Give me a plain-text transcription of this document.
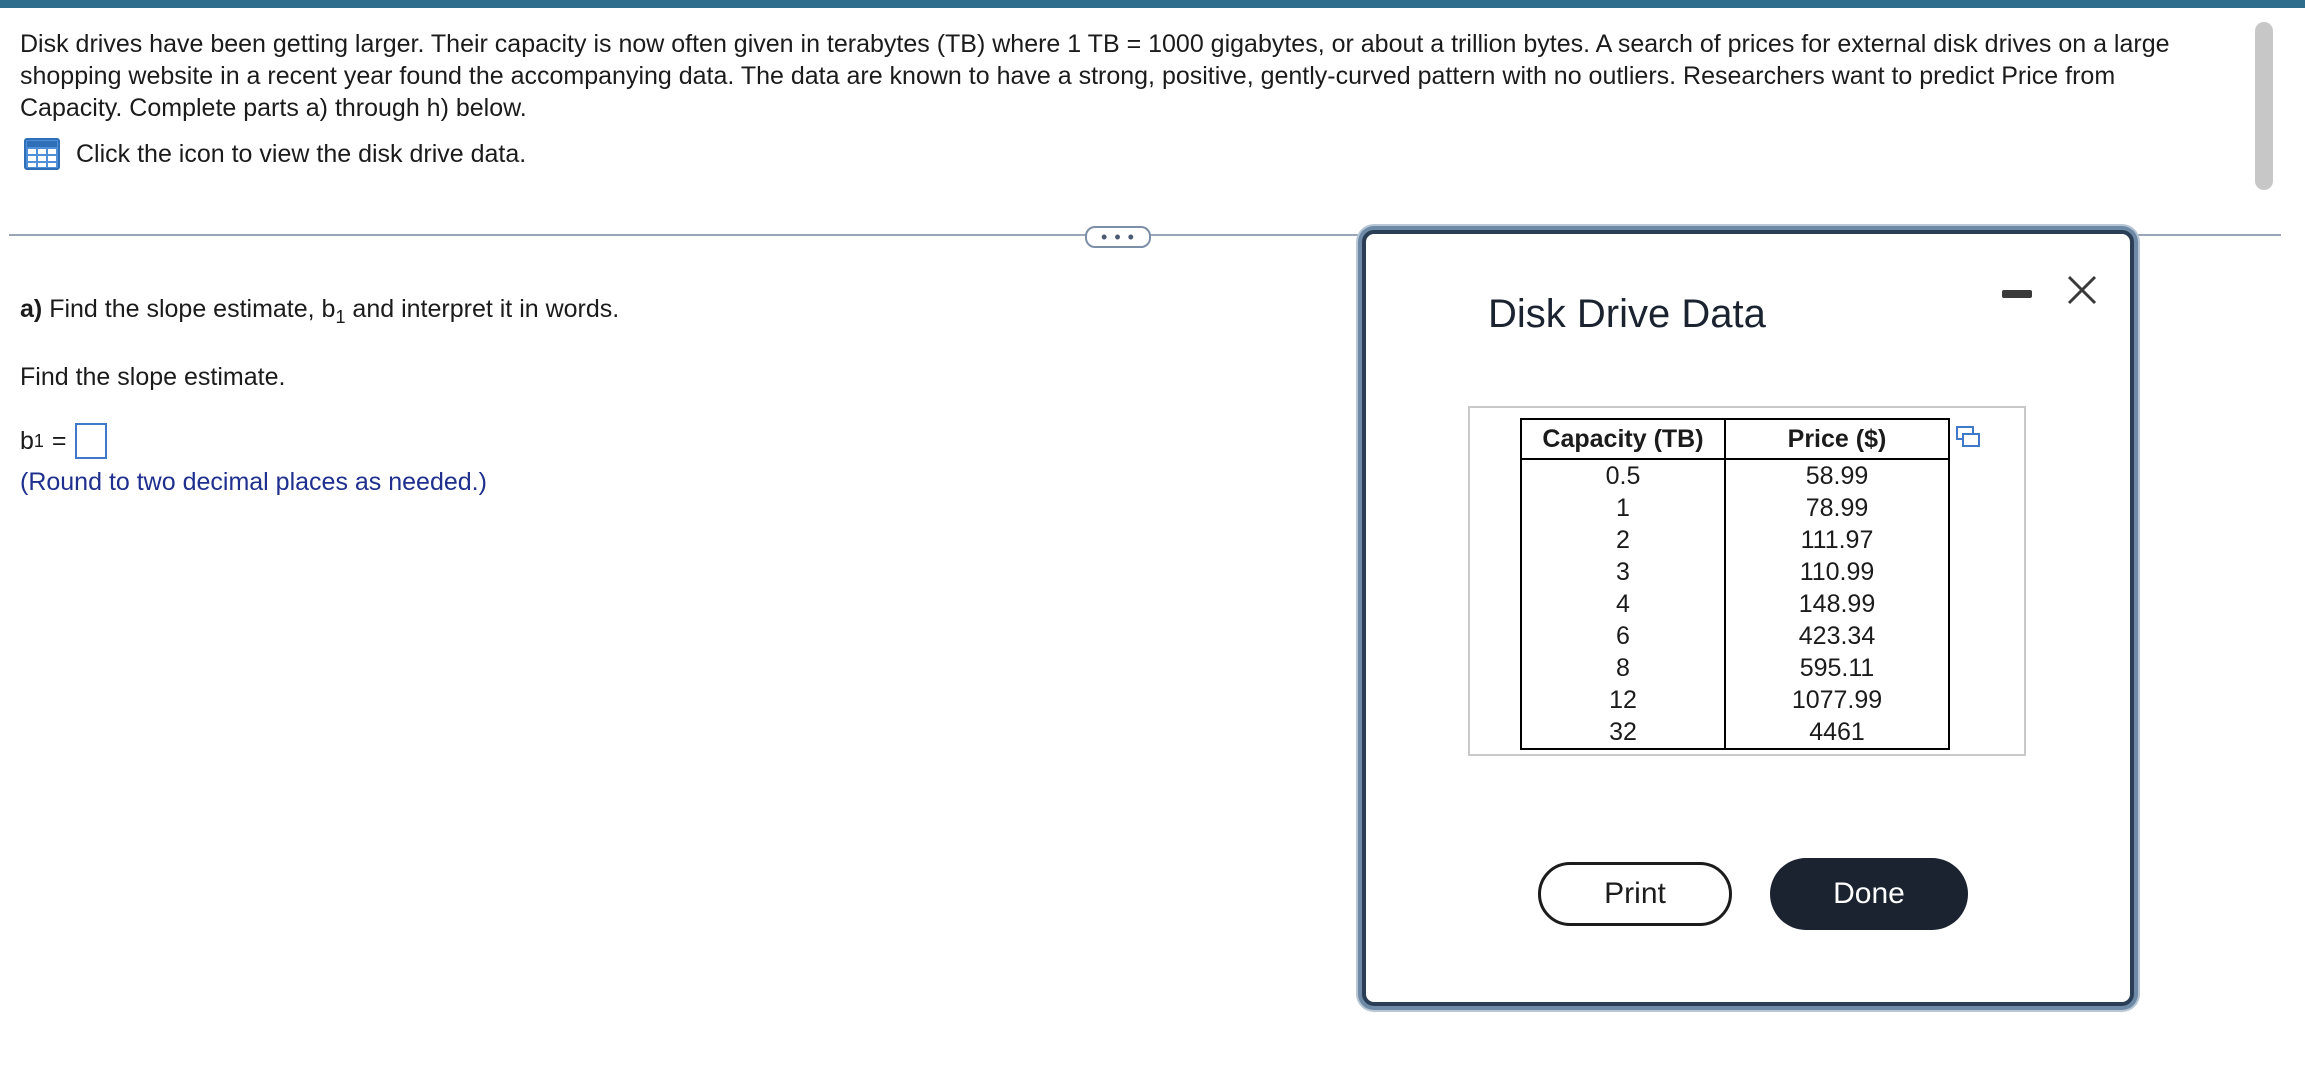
Disk drives have been getting larger. Their capacity is now often given in terabytes (TB) where 1 TB = 1000 gigabytes, or about a trillion bytes. A search of prices for external disk drives on a large shopping website in a recent year found the accompanying data. The data are known to have a strong, positive, gently-curved pattern with no outliers. Researchers want to predict Price from Capacity. Complete parts a) through h) below.
Click the icon to view the disk drive data.
• • •
a) Find the slope estimate, $b_1$ and interpret it in words.
Find the slope estimate.
b 1 =
(Round to two decimal places as needed.)
Disk Drive Data
Capacity (TB)	Price ($)
0.5	58.99
1	78.99
2	111.97
3	110.99
4	148.99
6	423.34
8	595.11
12	1077.99
32	4461
Print	Done
